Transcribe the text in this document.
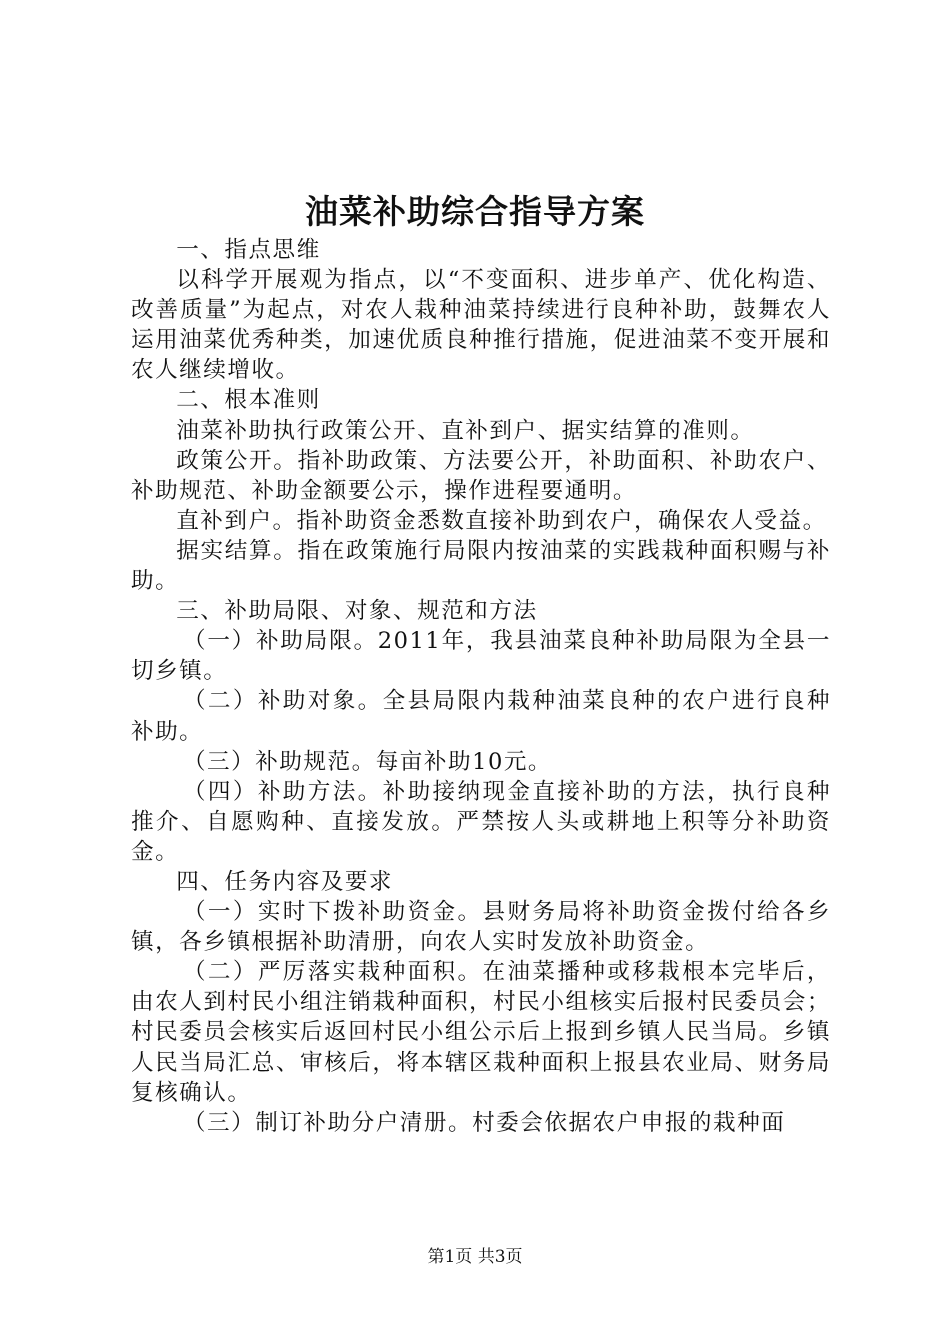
油菜补助综合指导方案

一、指点思维

以科学开展观为指点，以“不变面积、进步单产、优化构造、改善质量”为起点，对农人栽种油菜持续进行良种补助，鼓舞农人运用油菜优秀种类，加速优质良种推行措施，促进油菜不变开展和农人继续增收。

二、根本准则

油菜补助执行政策公开、直补到户、据实结算的准则。

政策公开。指补助政策、方法要公开，补助面积、补助农户、补助规范、补助金额要公示，操作进程要通明。

直补到户。指补助资金悉数直接补助到农户，确保农人受益。

据实结算。指在政策施行局限内按油菜的实践栽种面积赐与补助。

三、补助局限、对象、规范和方法

（一）补助局限。2011年，我县油菜良种补助局限为全县一切乡镇。

（二）补助对象。全县局限内栽种油菜良种的农户进行良种补助。

（三）补助规范。每亩补助10元。

（四）补助方法。补助接纳现金直接补助的方法，执行良种推介、自愿购种、直接发放。严禁按人头或耕地上积等分补助资金。

四、任务内容及要求

（一）实时下拨补助资金。县财务局将补助资金拨付给各乡镇，各乡镇根据补助清册，向农人实时发放补助资金。

（二）严厉落实栽种面积。在油菜播种或移栽根本完毕后，由农人到村民小组注销栽种面积，村民小组核实后报村民委员会；村民委员会核实后返回村民小组公示后上报到乡镇人民当局。乡镇人民当局汇总、审核后，将本辖区栽种面积上报县农业局、财务局复核确认。

（三）制订补助分户清册。村委会依据农户申报的栽种面

第1页 共3页
